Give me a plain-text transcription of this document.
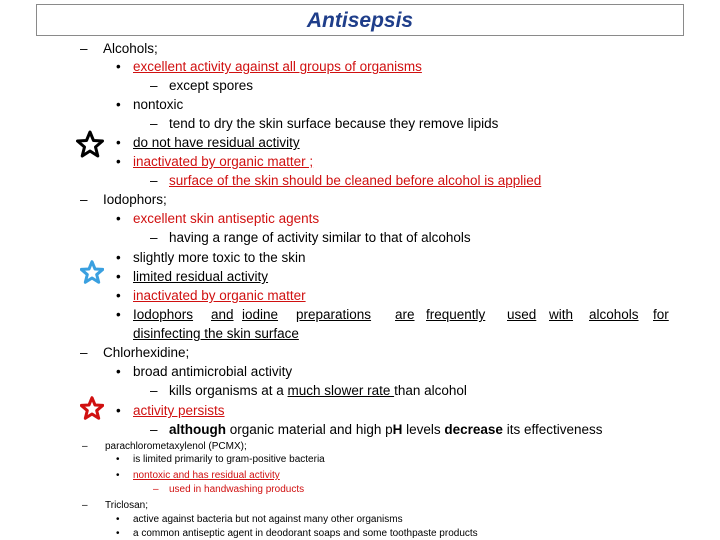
Antisepsis
– Alcohols;
• excellent activity against all groups of organisms
– except spores
• nontoxic
– tend to dry the skin surface because they remove lipids
• do not have residual activity
• inactivated by organic matter ;
– surface of the skin should be cleaned before alcohol is applied
– Iodophors;
• excellent skin antiseptic agents
– having a range of activity similar to that of alcohols
• slightly more toxic to the skin
• limited residual activity
• inactivated by organic matter
• Iodophors and iodine preparations are frequently used with alcohols for
disinfecting the skin surface
– Chlorhexidine;
• broad antimicrobial activity
– kills organisms at a much slower rate than alcohol
• activity persists
– although organic material and high pH levels decrease its effectiveness
– parachlorometaxylenol (PCMX);
• is limited primarily to gram-positive bacteria
• nontoxic and has residual activity
– used in handwashing products
– Triclosan;
• active against bacteria but not against many other organisms
• a common antiseptic agent in deodorant soaps and some toothpaste products
